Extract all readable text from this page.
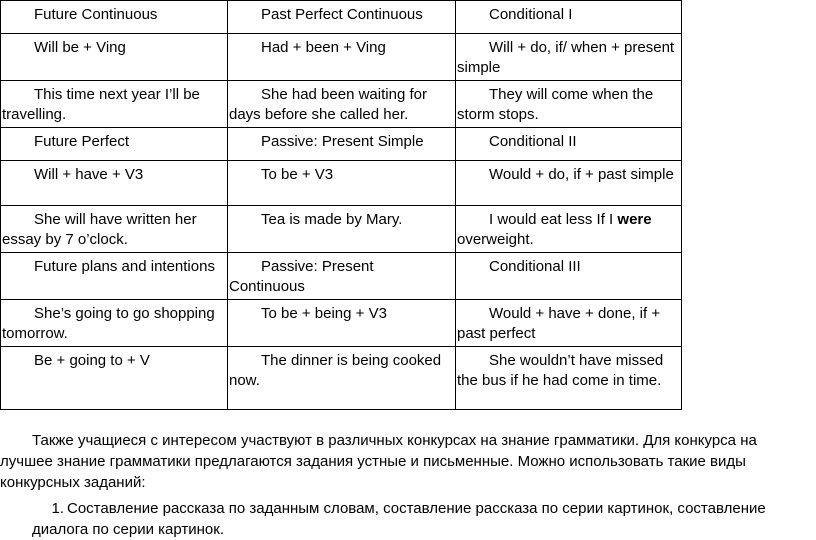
Future Continuous	Past Perfect Continuous	Conditional I
Will be + Ving	Had + been + Ving	Will + do, if/ when + present simple
This time next year I’ll be travelling.	She had been waiting for days before she called her.	They will come when the storm stops.
Future Perfect	Passive: Present Simple	Conditional II
Will + have + V3	To be + V3	Would + do, if + past simple
She will have written her essay by 7 o’clock.	Tea is made by Mary.	I would eat less If I were overweight.
Future plans and intentions	Passive: Present Continuous	Conditional III
She’s going to go shopping tomorrow.	To be + being + V3	Would + have + done, if + past perfect
Be + going to + V	The dinner is being cooked now.	She wouldn’t have missed the bus if he had come in time.

Также учащиеся с интересом участвуют в различных конкурсах на знание грамматики. Для конкурса на лучшее знание грамматики предлагаются задания устные и письменные. Можно использовать такие виды конкурсных заданий:

1. Составление рассказа по заданным словам, составление рассказа по серии картинок, составление диалога по серии картинок.
